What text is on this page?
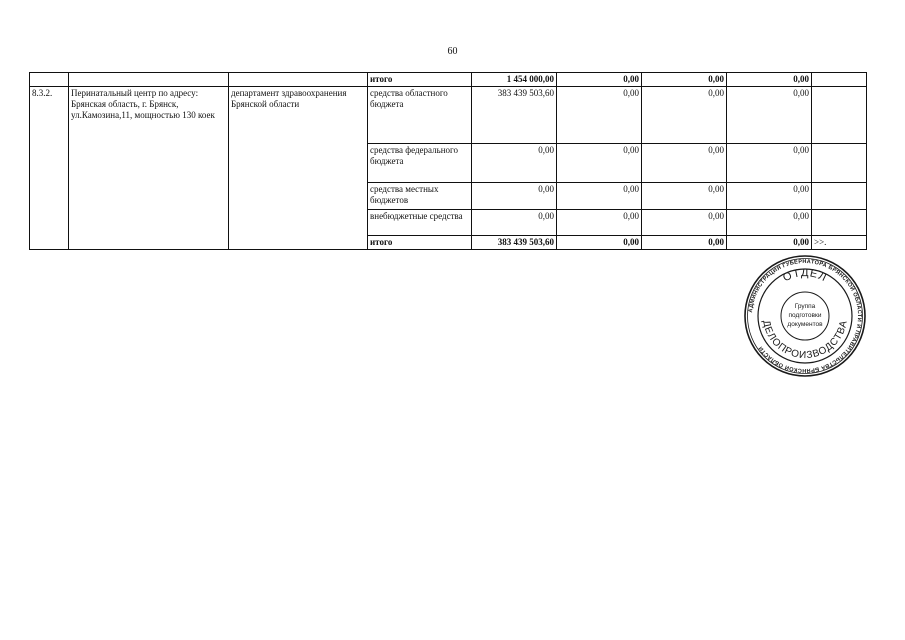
60
			итого	1 454 000,00	0,00	0,00	0,00	
8.3.2.	Перинатальный центр по адресу: Брянская область, г. Брянск, ул.Камозина,11, мощностью 130 коек	департамент здравоохранения Брянской области	средства областного бюджета	383 439 503,60	0,00	0,00	0,00	
			средства федерального бюджета	0,00	0,00	0,00	0,00	
			средства местных бюджетов	0,00	0,00	0,00	0,00	
			внебюджетные средства	0,00	0,00	0,00	0,00	
			итого	383 439 503,60	0,00	0,00	0,00	>>.
АДМИНИСТРАЦИЯ ГУБЕРНАТОРА БРЯНСКОЙ ОБЛАСТИ И ПРАВИТЕЛЬСТВА БРЯНСКОЙ ОБЛАСТИ
ОТДЕЛ
ДЕЛОПРОИЗВОДСТВА
Группа
подготовки
документов
